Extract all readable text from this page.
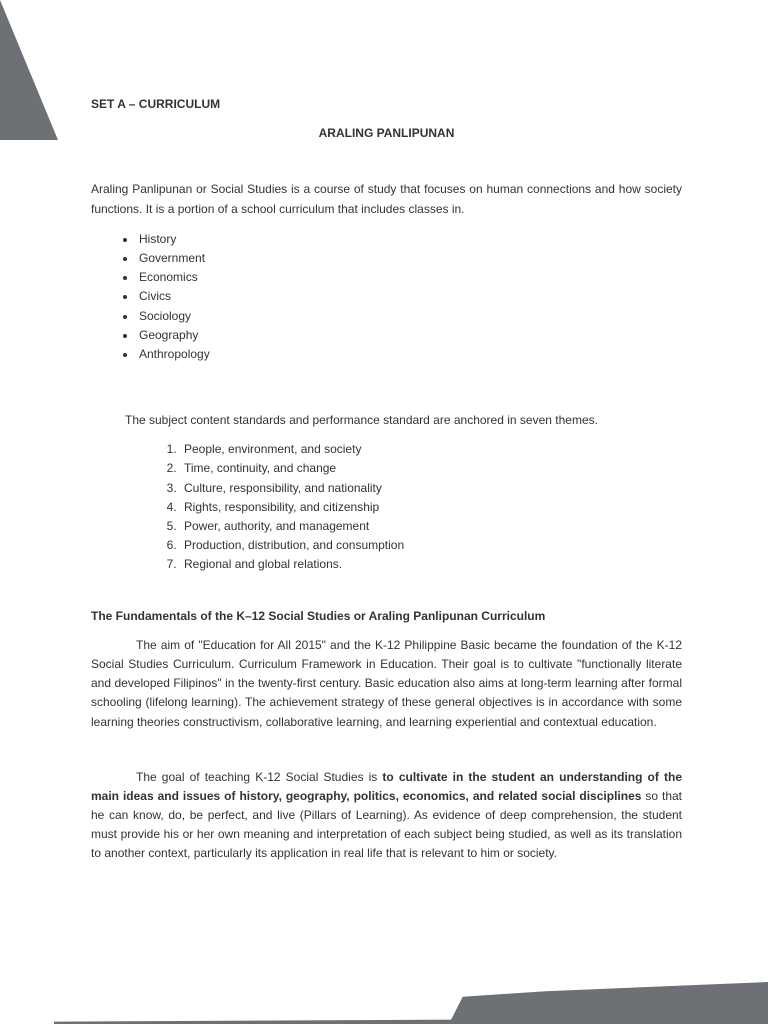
SET A – CURRICULUM

ARALING PANLIPUNAN

Araling Panlipunan or Social Studies is a course of study that focuses on human connections and how society functions. It is a portion of a school curriculum that includes classes in.

• History
• Government
• Economics
• Civics
• Sociology
• Geography
• Anthropology

The subject content standards and performance standard are anchored in seven themes.

1. People, environment, and society
2. Time, continuity, and change
3. Culture, responsibility, and nationality
4. Rights, responsibility, and citizenship
5. Power, authority, and management
6. Production, distribution, and consumption
7. Regional and global relations.

The Fundamentals of the K–12 Social Studies or Araling Panlipunan Curriculum

The aim of "Education for All 2015" and the K-12 Philippine Basic became the foundation of the K-12 Social Studies Curriculum. Curriculum Framework in Education. Their goal is to cultivate "functionally literate and developed Filipinos" in the twenty-first century. Basic education also aims at long-term learning after formal schooling (lifelong learning). The achievement strategy of these general objectives is in accordance with some learning theories constructivism, collaborative learning, and learning experiential and contextual education.

The goal of teaching K-12 Social Studies is to cultivate in the student an understanding of the main ideas and issues of history, geography, politics, economics, and related social disciplines so that he can know, do, be perfect, and live (Pillars of Learning). As evidence of deep comprehension, the student must provide his or her own meaning and interpretation of each subject being studied, as well as its translation to another context, particularly its application in real life that is relevant to him or society.
